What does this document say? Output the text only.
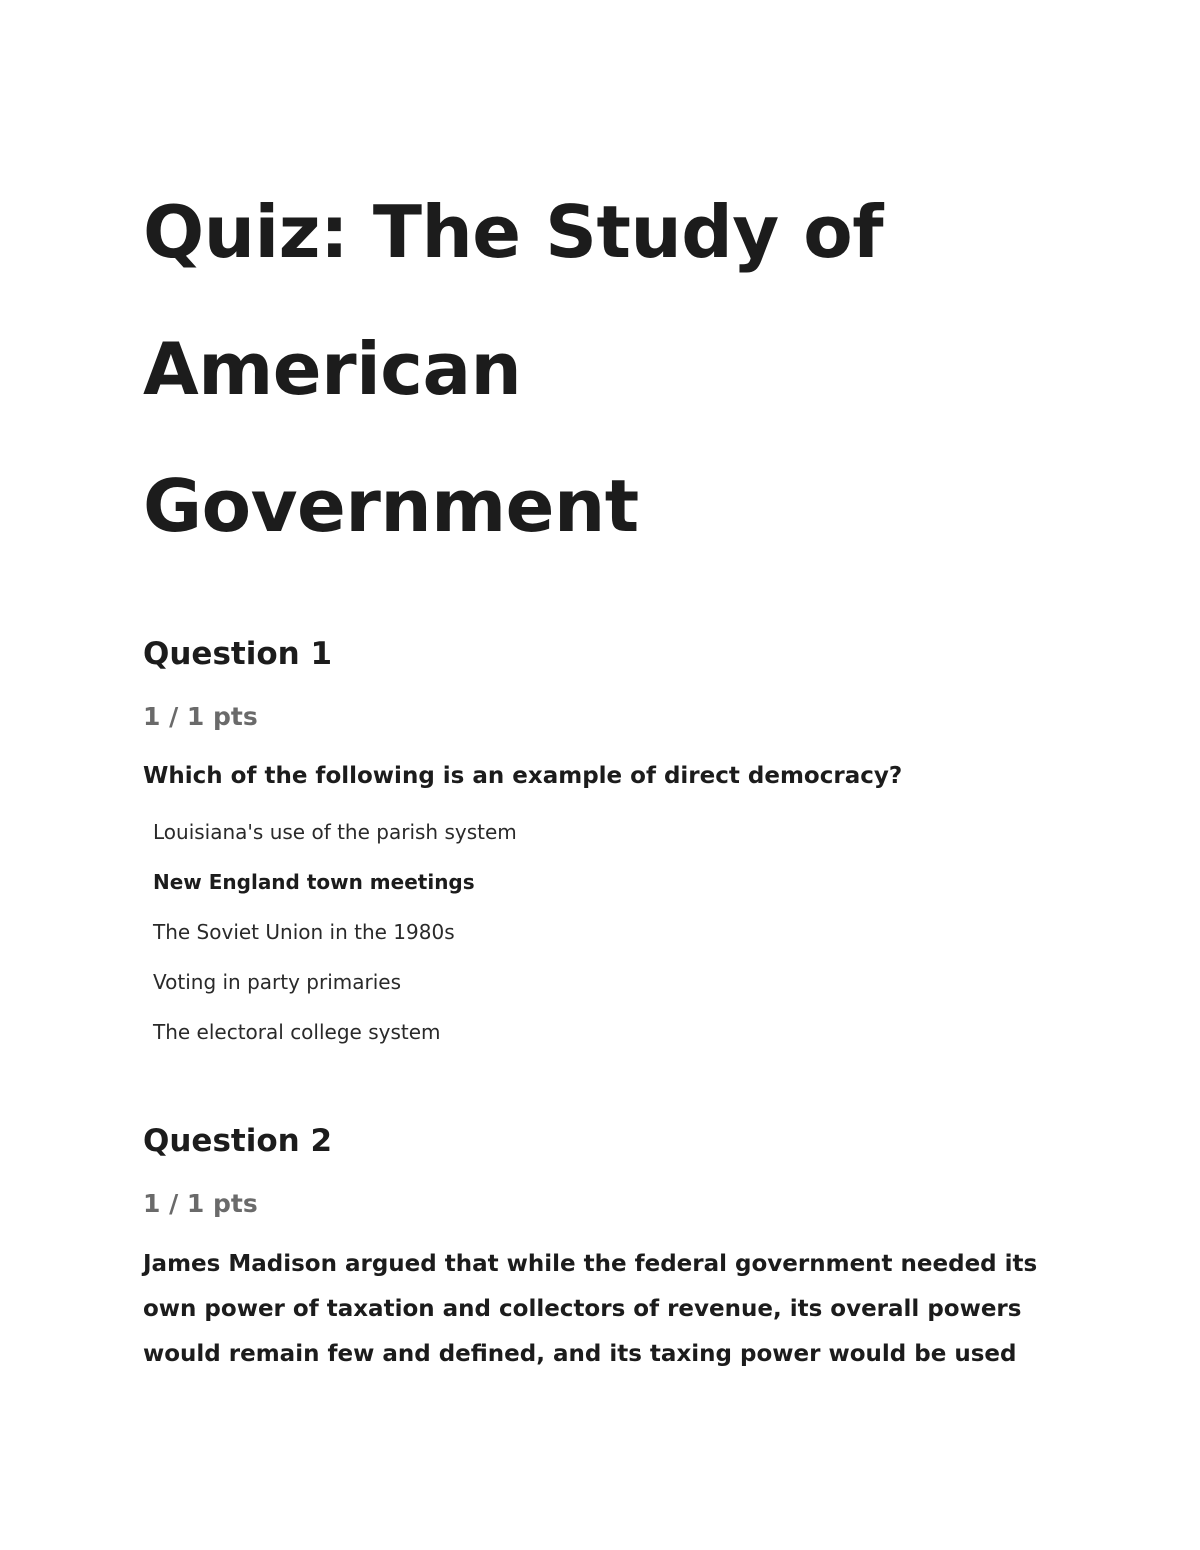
Quiz: The Study of
American
Government
Question 1
1 / 1 pts
Which of the following is an example of direct democracy?
Louisiana's use of the parish system
New England town meetings
The Soviet Union in the 1980s
Voting in party primaries
The electoral college system
Question 2
1 / 1 pts
James Madison argued that while the federal government needed its own power of taxation and collectors of revenue, its overall powers would remain few and defined, and its taxing power would be used
